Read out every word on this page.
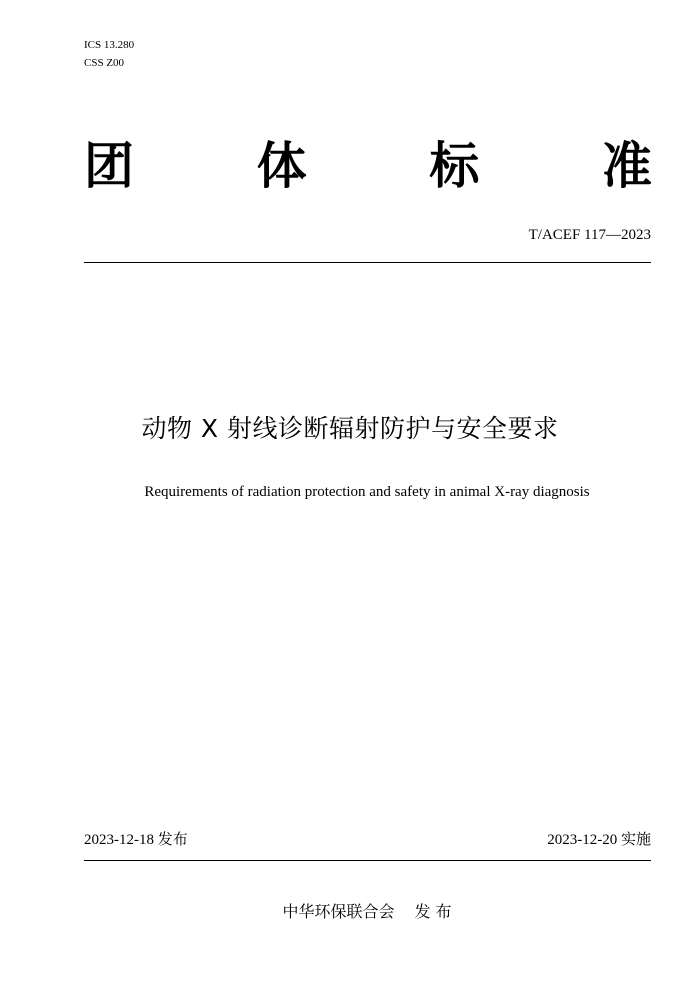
ICS 13.280
CSS Z00
团 体 标 准
T/ACEF 117—2023
动物 X 射线诊断辐射防护与安全要求
Requirements of radiation protection and safety in animal X-ray diagnosis
2023-12-18 发布	2023-12-20 实施
中华环保联合会 发 布
